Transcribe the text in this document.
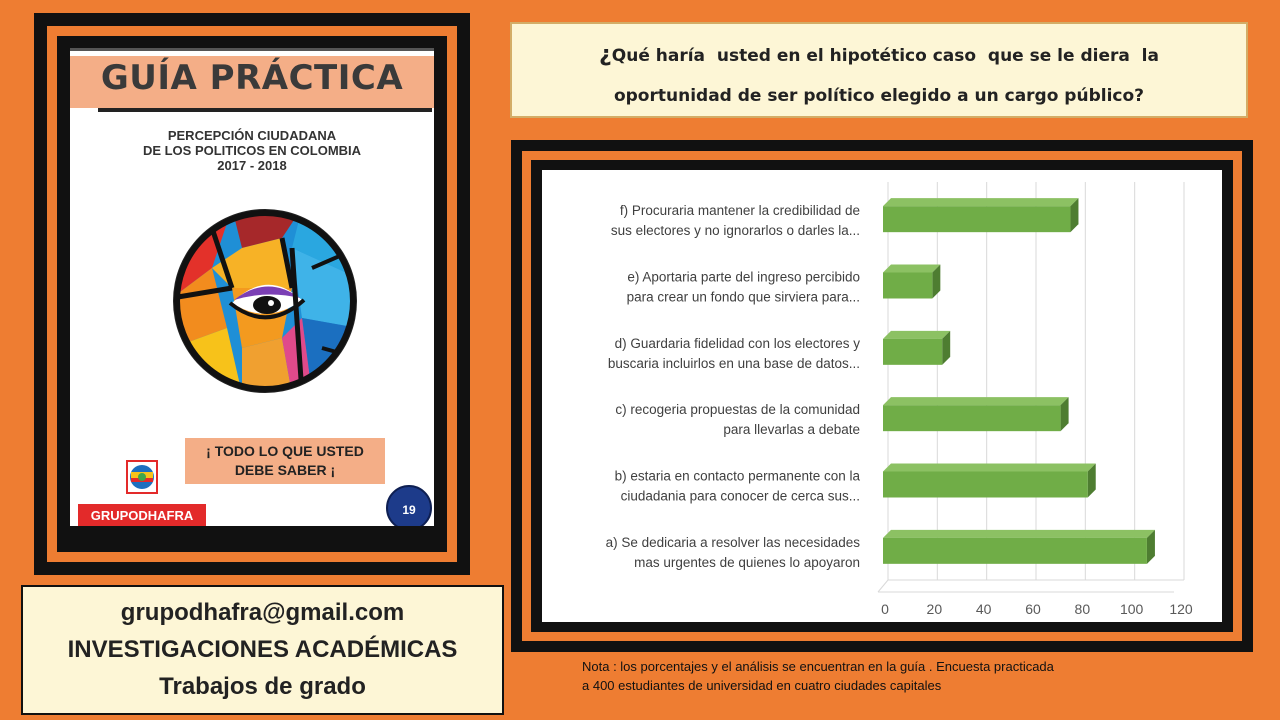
GUÍA PRÁCTICA
PERCEPCIÓN CIUDADANA
DE LOS POLITICOS EN COLOMBIA
2017 - 2018
¡ TODO LO QUE USTED
DEBE SABER ¡
19
GRUPODHAFRA
¿Qué haría  usted en el hipotético caso  que se le diera  la
oportunidad de ser político elegido a un cargo público?
0	20 40 60 80 100 120
f) Procuraria mantener la credibilidad de
sus electores y no ignorarlos o darles la...
e) Aportaria parte del ingreso percibido
para crear un fondo que sirviera para...
d) Guardaria fidelidad con los electores y
buscaria incluirlos en una base de datos...
c) recogeria propuestas de la comunidad
para llevarlas a debate
b) estaria en contacto permanente con la
ciudadania para conocer de cerca sus...
a) Se dedicaria a resolver las necesidades
mas urgentes de quienes lo apoyaron
grupodhafra@gmail.com
INVESTIGACIONES ACADÉMICAS
Trabajos de grado
Nota : los porcentajes y el análisis se encuentran en la guía . Encuesta practicada
a 400 estudiantes de universidad en cuatro ciudades capitales
